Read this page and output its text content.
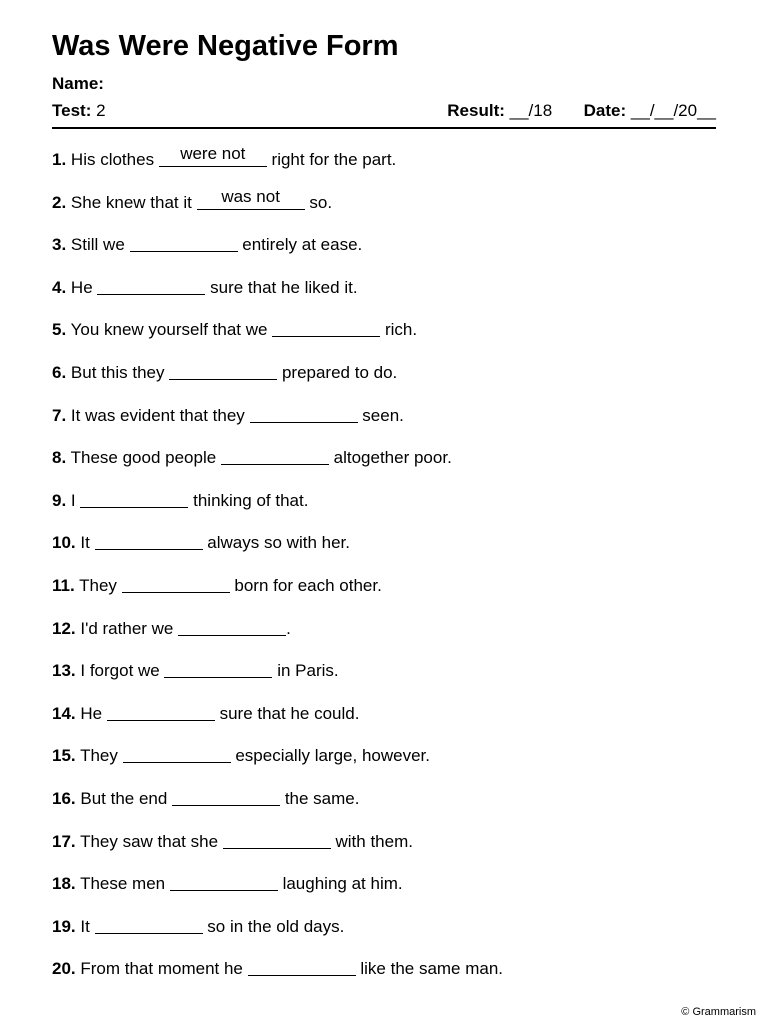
Was Were Negative Form
Name:
Test: 2	Result: __/18 Date: __/__/20__
1. His clothes	were not	right for the part.
2. She knew that it	was not	so.
3. Still we	entirely at ease.
4. He	sure that he liked it.
5. You knew yourself that we	rich.
6. But this they	prepared to do.
7. It was evident that they	seen.
8. These good people	altogether poor.
9. I	thinking of that.
10. It	always so with her.
11. They	born for each other.
12. I'd rather we	.
13. I forgot we	in Paris.
14. He	sure that he could.
15. They	especially large, however.
16. But the end	the same.
17. They saw that she	with them.
18. These men	laughing at him.
19. It	so in the old days.
20. From that moment he	like the same man.
© Grammarism
